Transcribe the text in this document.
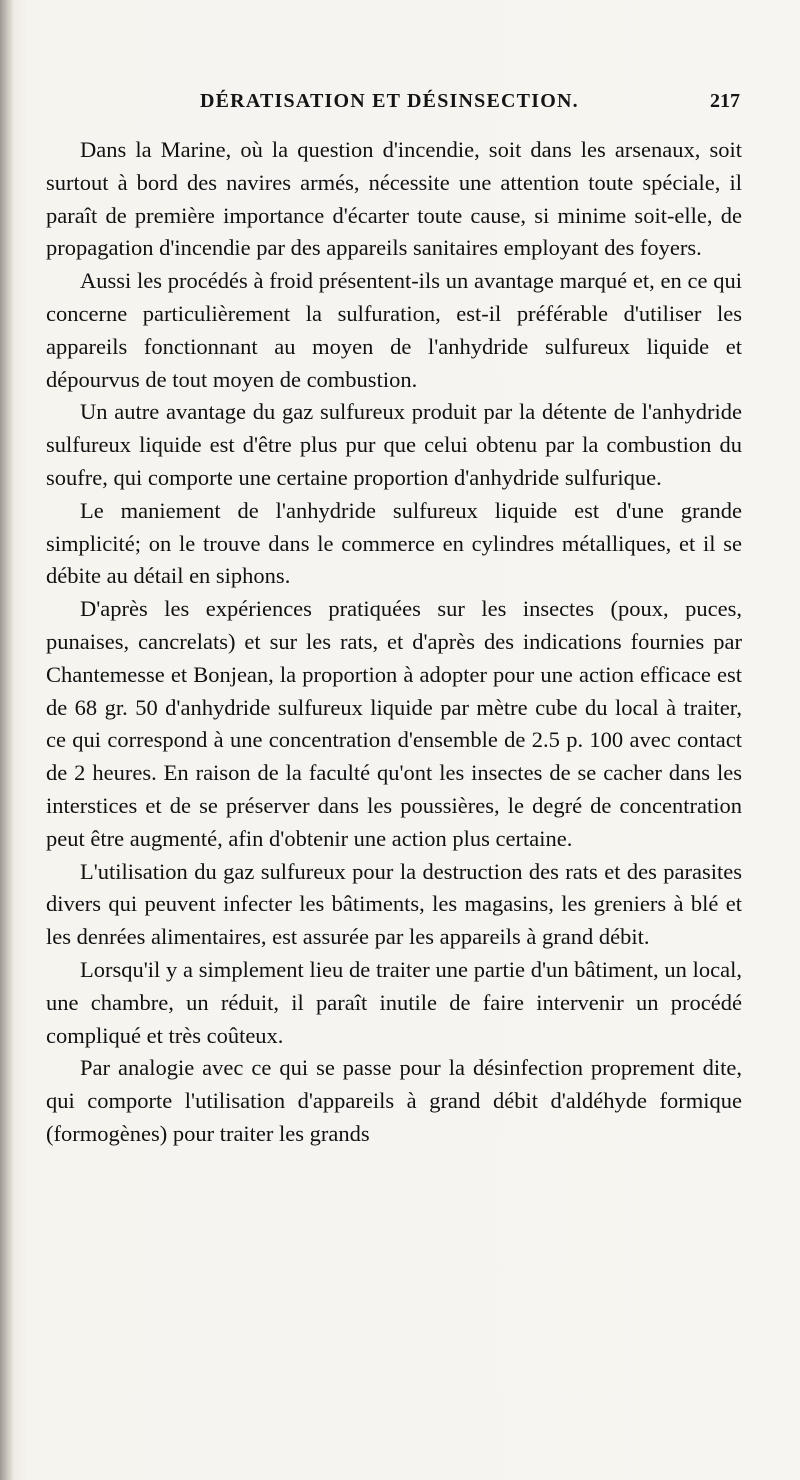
DÉRATISATION ET DÉSINSECTION.	217

Dans la Marine, où la question d'incendie, soit dans les arsenaux, soit surtout à bord des navires armés, nécessite une attention toute spéciale, il paraît de première importance d'écarter toute cause, si minime soit-elle, de propagation d'incendie par des appareils sanitaires employant des foyers.

Aussi les procédés à froid présentent-ils un avantage marqué et, en ce qui concerne particulièrement la sulfuration, est-il préférable d'utiliser les appareils fonctionnant au moyen de l'anhydride sulfureux liquide et dépourvus de tout moyen de combustion.

Un autre avantage du gaz sulfureux produit par la détente de l'anhydride sulfureux liquide est d'être plus pur que celui obtenu par la combustion du soufre, qui comporte une certaine proportion d'anhydride sulfurique.

Le maniement de l'anhydride sulfureux liquide est d'une grande simplicité; on le trouve dans le commerce en cylindres métalliques, et il se débite au détail en siphons.

D'après les expériences pratiquées sur les insectes (poux, puces, punaises, cancrelats) et sur les rats, et d'après des indications fournies par Chantemesse et Bonjean, la proportion à adopter pour une action efficace est de 68 gr. 50 d'anhydride sulfureux liquide par mètre cube du local à traiter, ce qui correspond à une concentration d'ensemble de 2.5 p. 100 avec contact de 2 heures. En raison de la faculté qu'ont les insectes de se cacher dans les interstices et de se préserver dans les poussières, le degré de concentration peut être augmenté, afin d'obtenir une action plus certaine.

L'utilisation du gaz sulfureux pour la destruction des rats et des parasites divers qui peuvent infecter les bâtiments, les magasins, les greniers à blé et les denrées alimentaires, est assurée par les appareils à grand débit.

Lorsqu'il y a simplement lieu de traiter une partie d'un bâtiment, un local, une chambre, un réduit, il paraît inutile de faire intervenir un procédé compliqué et très coûteux.

Par analogie avec ce qui se passe pour la désinfection proprement dite, qui comporte l'utilisation d'appareils à grand débit d'aldéhyde formique (formogènes) pour traiter les grands
